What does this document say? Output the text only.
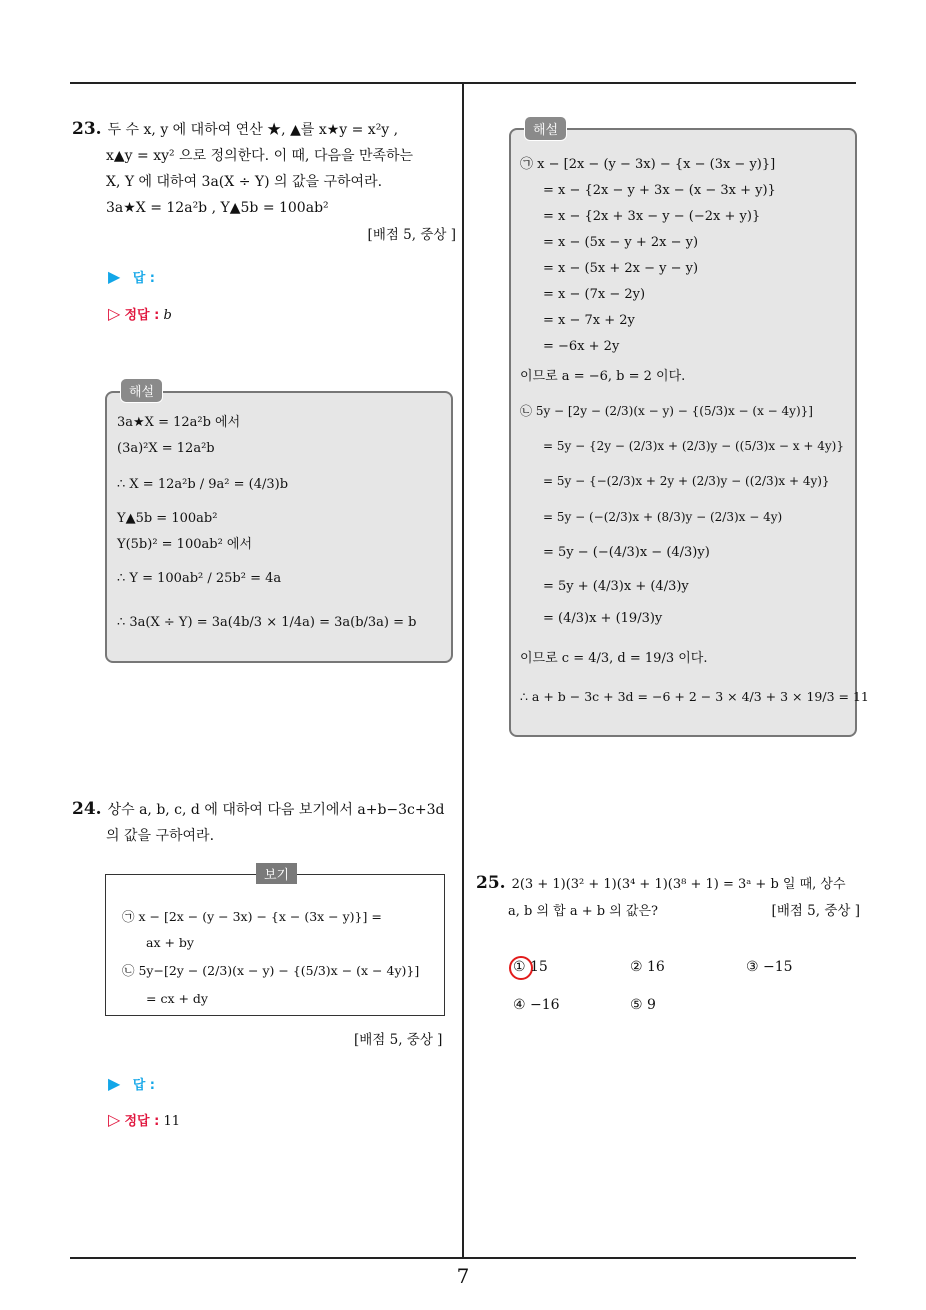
23. 두 수 x, y 에 대하여 연산 ★, ▲를 x★y = x²y ,
x▲y = xy² 으로 정의한다. 이 때, 다음을 만족하는
X, Y 에 대하여 3a(X ÷ Y) 의 값을 구하여라.
3a★X = 12a²b , Y▲5b = 100ab²
[배점 5, 중상 ]
▶ 답 :
▷ 정답 : b
해설
3a★X = 12a²b 에서
(3a)²X = 12a²b
∴ X = 12a²b / 9a² = (4/3)b
Y▲5b = 100ab²
Y(5b)² = 100ab² 에서
∴ Y = 100ab² / 25b² = 4a
∴ 3a(X ÷ Y) = 3a(4b/3 × 1/4a) = 3a(b/3a) = b
24. 상수 a, b, c, d 에 대하여 다음 보기에서 a+b−3c+3d
의 값을 구하여라.
보기
㉠ x − [2x − (y − 3x) − {x − (3x − y)}] =
ax + by
㉡ 5y−[2y − (2/3)(x − y) − {(5/3)x − (x − 4y)}]
= cx + dy
[배점 5, 중상 ]
▶ 답 :
▷ 정답 : 11
해설
㉠ x − [2x − (y − 3x) − {x − (3x − y)}]
= x − {2x − y + 3x − (x − 3x + y)}
= x − {2x + 3x − y − (−2x + y)}
= x − (5x − y + 2x − y)
= x − (5x + 2x − y − y)
= x − (7x − 2y)
= x − 7x + 2y
= −6x + 2y
이므로 a = −6, b = 2 이다.
㉡ 5y − [2y − (2/3)(x − y) − {(5/3)x − (x − 4y)}]
= 5y − {2y − (2/3)x + (2/3)y − ((5/3)x − x + 4y)}
= 5y − {−(2/3)x + 2y + (2/3)y − ((2/3)x + 4y)}
= 5y − (−(2/3)x + (8/3)y − (2/3)x − 4y)
= 5y − (−(4/3)x − (4/3)y)
= 5y + (4/3)x + (4/3)y
= (4/3)x + (19/3)y
이므로 c = 4/3, d = 19/3 이다.
∴ a + b − 3c + 3d = −6 + 2 − 3 × 4/3 + 3 × 19/3 = 11
25. 2(3 + 1)(3² + 1)(3⁴ + 1)(3⁸ + 1) = 3ᵃ + b 일 때, 상수
a, b 의 합 a + b 의 값은?	[배점 5, 중상 ]
① 15	② 16	③ −15
④ −16	⑤ 9
7
